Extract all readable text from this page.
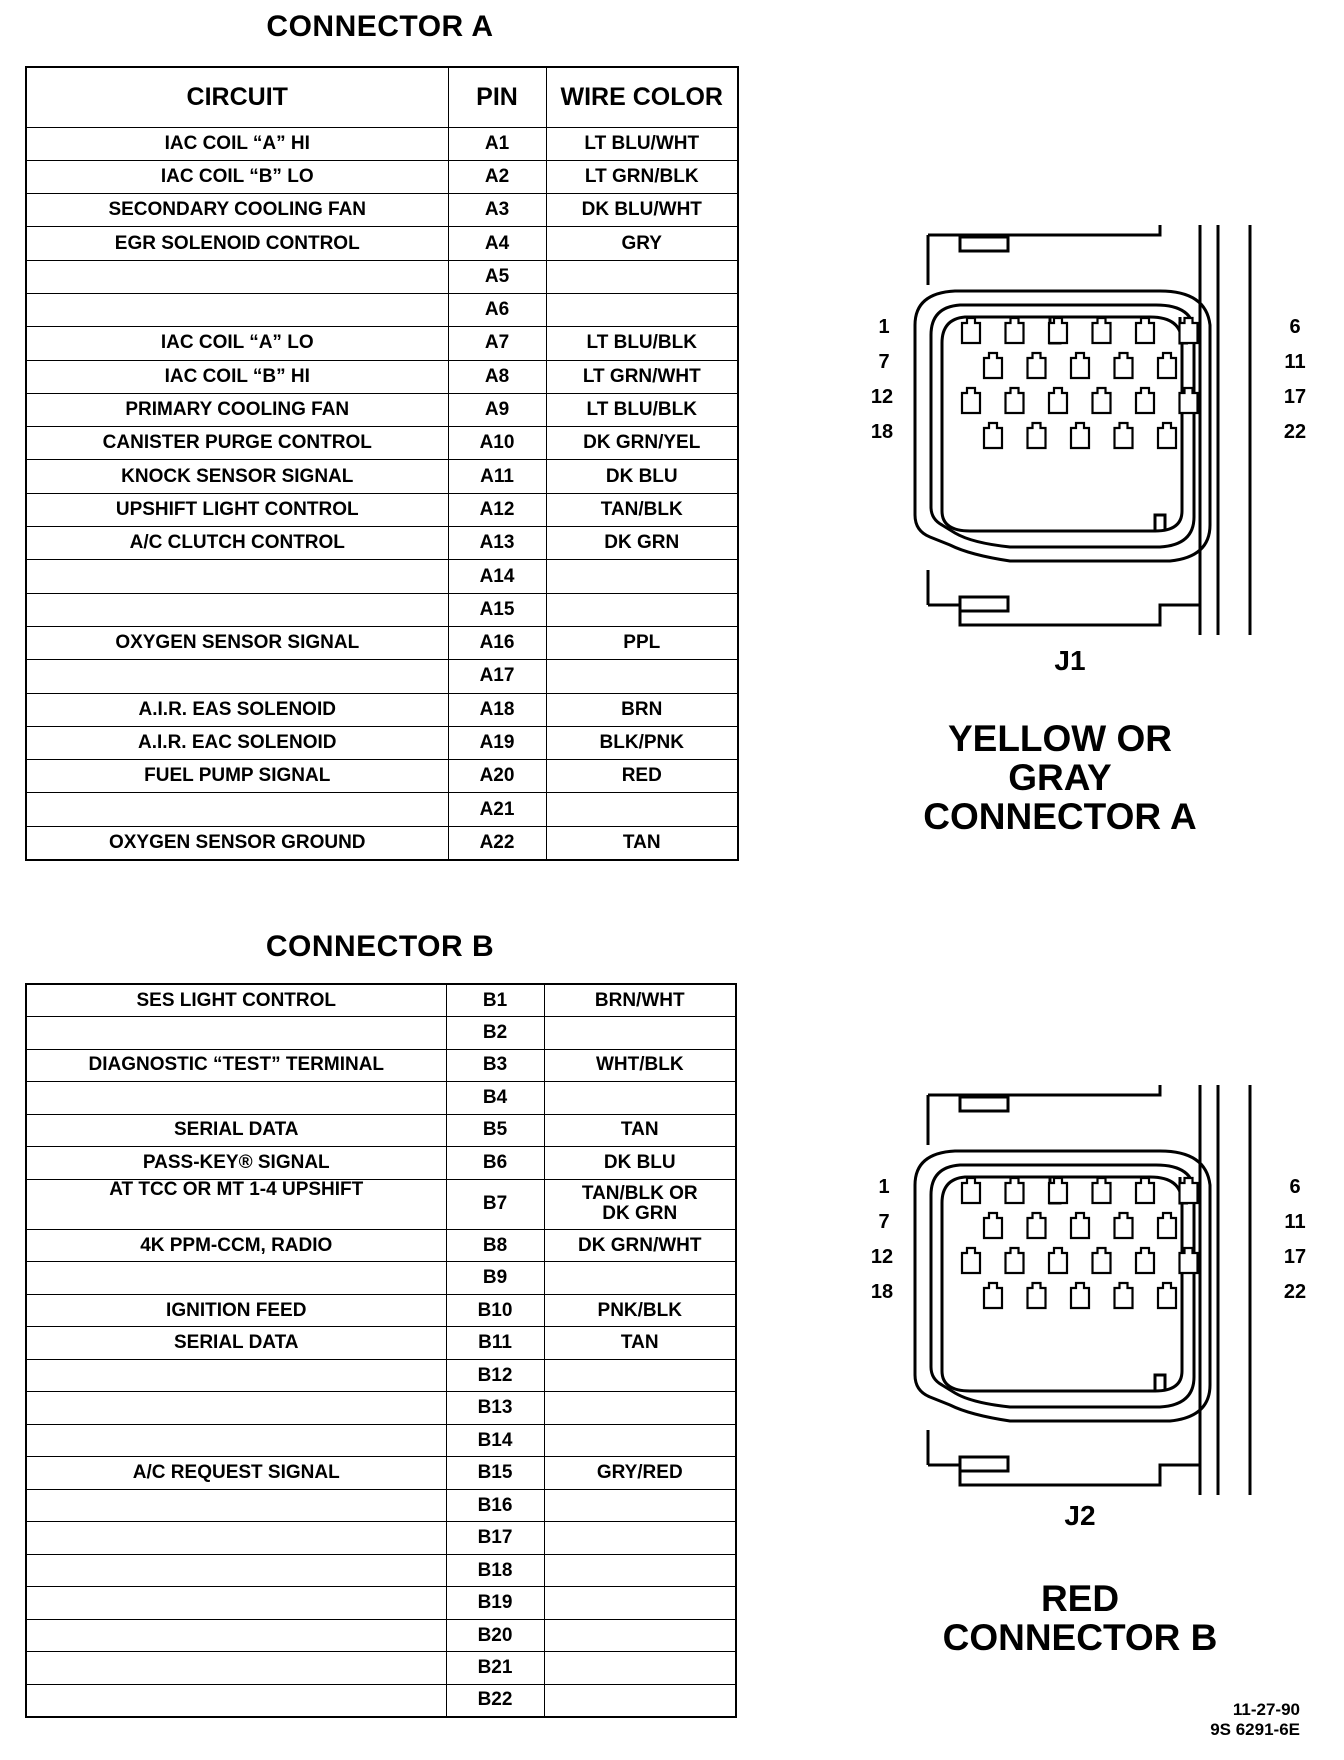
CONNECTOR A
CIRCUIT	PIN	WIRE COLOR
IAC COIL “A” HI	A1	LT BLU/WHT
IAC COIL “B” LO	A2	LT GRN/BLK
SECONDARY COOLING FAN	A3	DK BLU/WHT
EGR SOLENOID CONTROL	A4	GRY
	A5	
	A6	
IAC COIL “A” LO	A7	LT BLU/BLK
IAC COIL “B” HI	A8	LT GRN/WHT
PRIMARY COOLING FAN	A9	LT BLU/BLK
CANISTER PURGE CONTROL	A10	DK GRN/YEL
KNOCK SENSOR SIGNAL	A11	DK BLU
UPSHIFT LIGHT CONTROL	A12	TAN/BLK
A/C CLUTCH CONTROL	A13	DK GRN
	A14	
	A15	
OXYGEN SENSOR SIGNAL	A16	PPL
	A17	
A.I.R. EAS SOLENOID	A18	BRN
A.I.R. EAC SOLENOID	A19	BLK/PNK
FUEL PUMP SIGNAL	A20	RED
	A21	
OXYGEN SENSOR GROUND	A22	TAN
1	6
7	11
12	17
18	22
J1
YELLOW OR
GRAY
CONNECTOR A
CONNECTOR B
SES LIGHT CONTROL	B1	BRN/WHT
	B2	
DIAGNOSTIC “TEST” TERMINAL	B3	WHT/BLK
	B4	
SERIAL DATA	B5	TAN
PASS-KEY® SIGNAL	B6	DK BLU
AT TCC OR MT 1-4 UPSHIFT	B7	TAN/BLK OR
DK GRN

4K PPM-CCM, RADIO	B8	DK GRN/WHT
	B9	
IGNITION FEED	B10	PNK/BLK
SERIAL DATA	B11	TAN
	B12	
	B13	
	B14	
A/C REQUEST SIGNAL	B15	GRY/RED
	B16	
	B17	
	B18	
	B19	
	B20	
	B21	
	B22	
1	6
7	11
12	17
18	22
J2
RED
CONNECTOR B
11-27-90
9S 6291-6E
